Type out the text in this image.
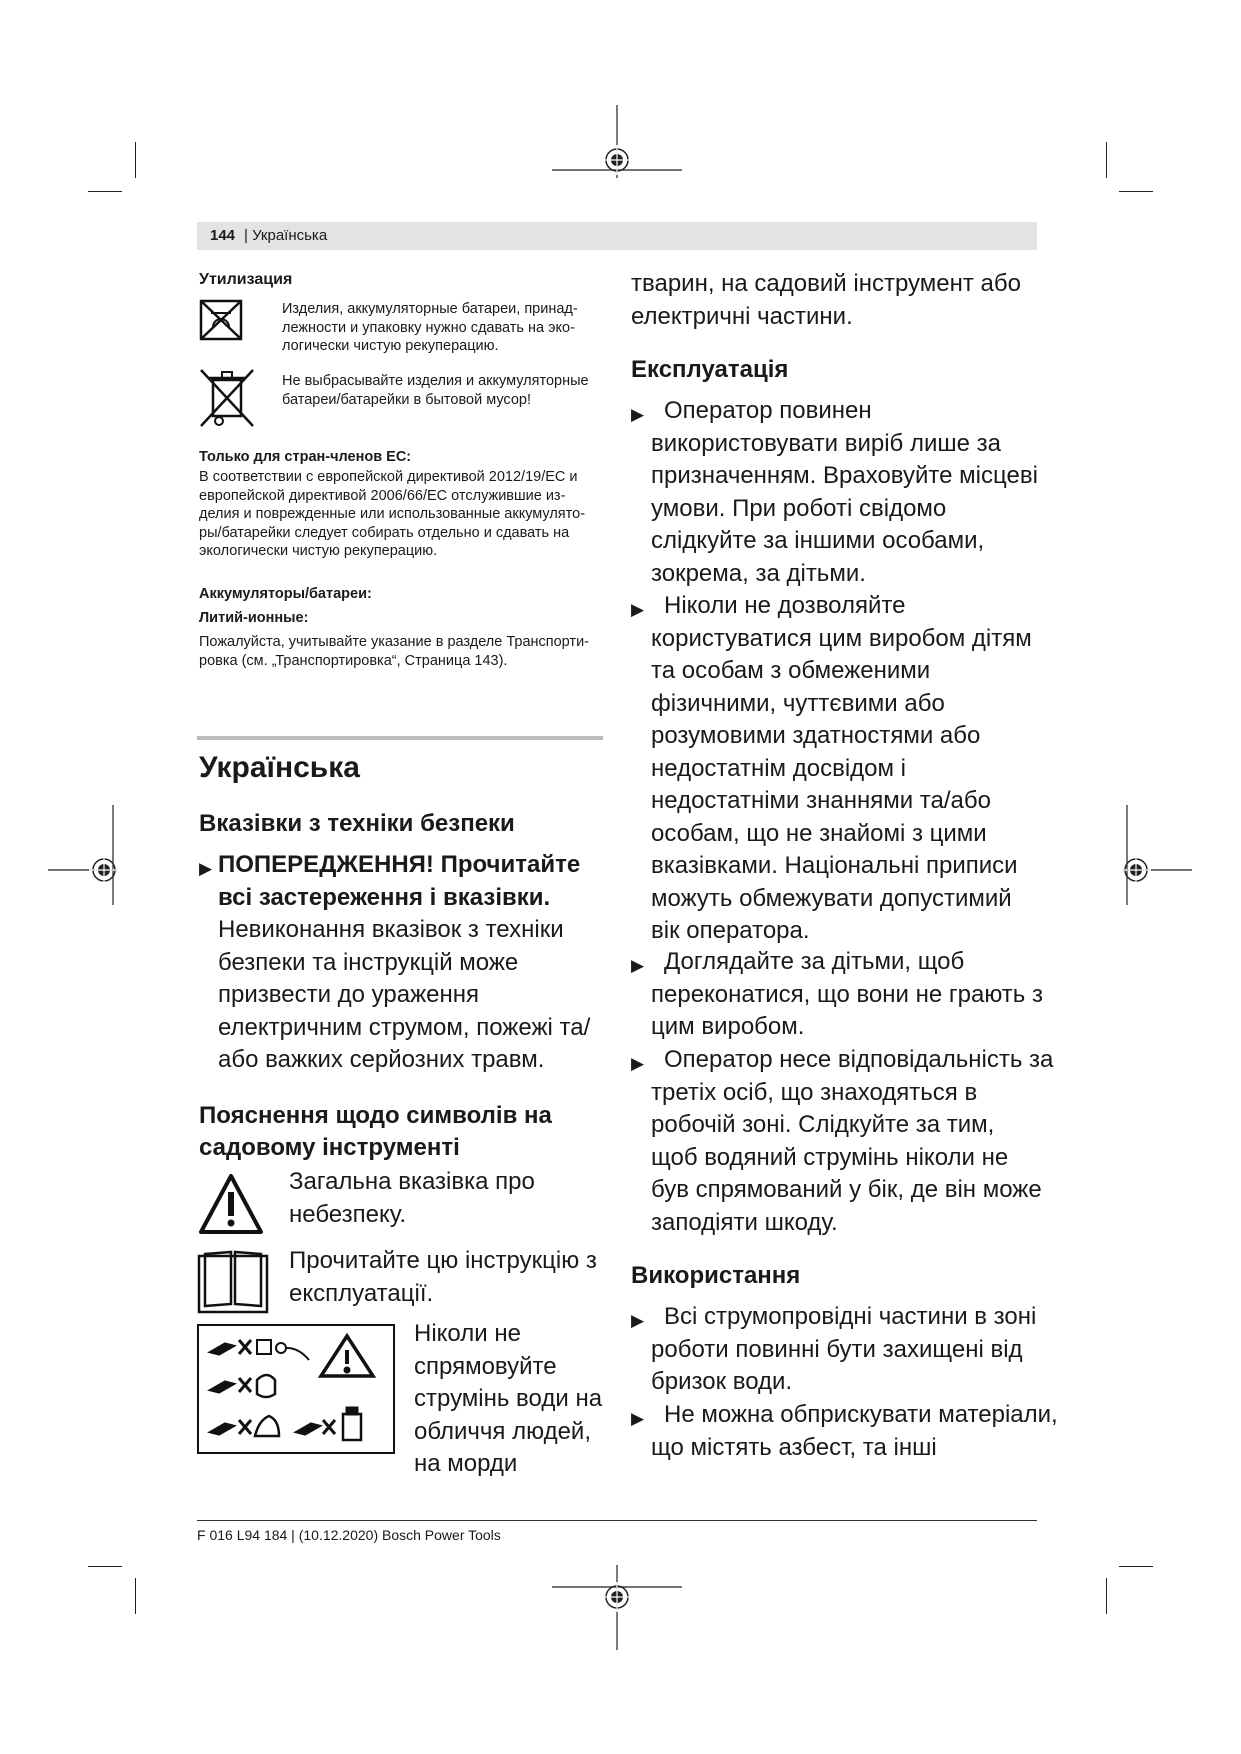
144 | Українська

Утилизация

Изделия, аккумуляторные батареи, принад-
лежности и упаковку нужно сдавать на эко-
логически чистую рекуперацию.

Не выбрасывайте изделия и аккумуляторные
батареи/батарейки в бытовой мусор!

Только для стран-членов ЕС:

В соответствии с европейской директивой 2012/19/EC и
европейской директивой 2006/66/EC отслужившие из-
делия и поврежденные или использованные аккумулято-
ры/батарейки следует собирать отдельно и сдавать на
экологически чистую рекуперацию.

Аккумуляторы/батареи:

Литий-ионные:

Пожалуйста, учитывайте указание в разделе Транспорти-
ровка (см. „Транспортировка“, Страница 143).

Українська

Вказівки з техніки безпеки

▶ ПОПЕРЕДЖЕННЯ! Прочитайте
всі застереження і вказівки.

Невиконання вказівок з техніки
безпеки та інструкцій може
призвести до ураження
електричним струмом, пожежі та/
або важких серйозних травм.

Пояснення щодо символів на
садовому інструменті

Загальна вказівка про
небезпеку.

Прочитайте цю інструкцію з
експлуатації.

Ніколи не
спрямовуйте
струмінь води на
обличчя людей,
на морди

тварин, на садовий інструмент або
електричні частини.

Експлуатація

▶ Оператор повинен
використовувати виріб лише за
призначенням. Враховуйте місцеві
умови. При роботі свідомо
слідкуйте за іншими особами,
зокрема, за дітьми.

▶ Ніколи не дозволяйте
користуватися цим виробом дітям
та особам з обмеженими
фізичними, чуттєвими або
розумовими здатностями або
недостатнім досвідом і
недостатніми знаннями та/або
особам, що не знайомі з цими
вказівками. Національні приписи
можуть обмежувати допустимий
вік оператора.

▶ Доглядайте за дітьми, щоб
переконатися, що вони не грають з
цим виробом.

▶ Оператор несе відповідальність за
третіх осіб, що знаходяться в
робочій зоні. Слідкуйте за тим,
щоб водяний струмінь ніколи не
був спрямований у бік, де він може
заподіяти шкоду.

Використання

▶ Всі струмопровідні частини в зоні
роботи повинні бути захищені від
бризок води.

▶ Не можна обприскувати матеріали,
що містять азбест, та інші

F 016 L94 184 | (10.12.2020) Bosch Power Tools
